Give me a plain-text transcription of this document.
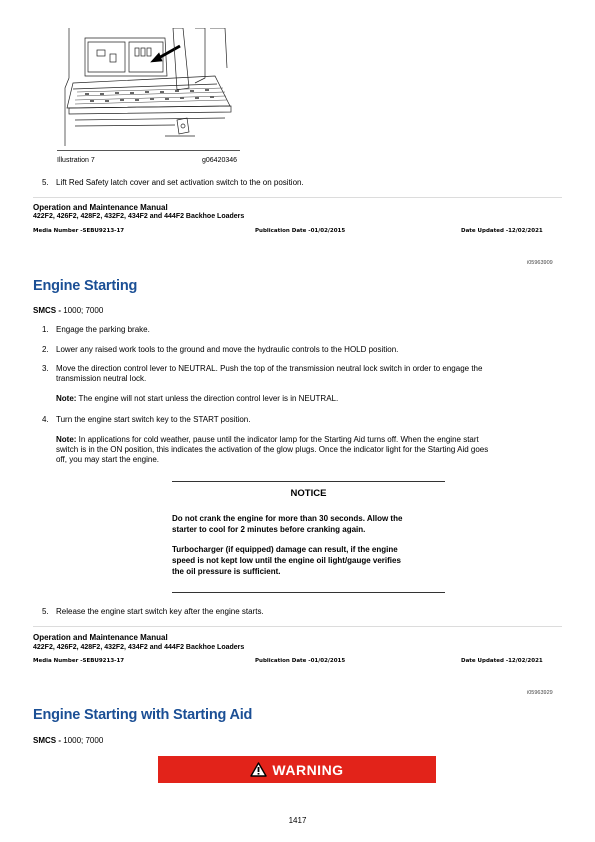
Illustration 7	g06420346
5. Lift Red Safety latch cover and set activation switch to the on position.
Operation and Maintenance Manual
422F2, 426F2, 428F2, 432F2, 434F2 and 444F2 Backhoe Loaders
Media Number -SEBU9213-17	Publication Date -01/02/2015	Date Updated -12/02/2021
i05963909
Engine Starting
SMCS - 1000; 7000
1. Engage the parking brake.
2. Lower any raised work tools to the ground and move the hydraulic controls to the HOLD position.
3. Move the direction control lever to NEUTRAL. Push the top of the transmission neutral lock switch in order to engage the
transmission neutral lock.
Note: The engine will not start unless the direction control lever is in NEUTRAL.
4. Turn the engine start switch key to the START position.
Note: In applications for cold weather, pause until the indicator lamp for the Starting Aid turns off. When the engine start
switch is in the ON position, this indicates the activation of the glow plugs. Once the indicator light for the Starting Aid goes
off, you may start the engine.
NOTICE
Do not crank the engine for more than 30 seconds. Allow the
starter to cool for 2 minutes before cranking again.
Turbocharger (if equipped) damage can result, if the engine
speed is not kept low until the engine oil light/gauge verifies
the oil pressure is sufficient.
5. Release the engine start switch key after the engine starts.
Operation and Maintenance Manual
422F2, 426F2, 428F2, 432F2, 434F2 and 444F2 Backhoe Loaders
Media Number -SEBU9213-17	Publication Date -01/02/2015	Date Updated -12/02/2021
i05963929
Engine Starting with Starting Aid
SMCS - 1000; 7000
WARNING
1417
